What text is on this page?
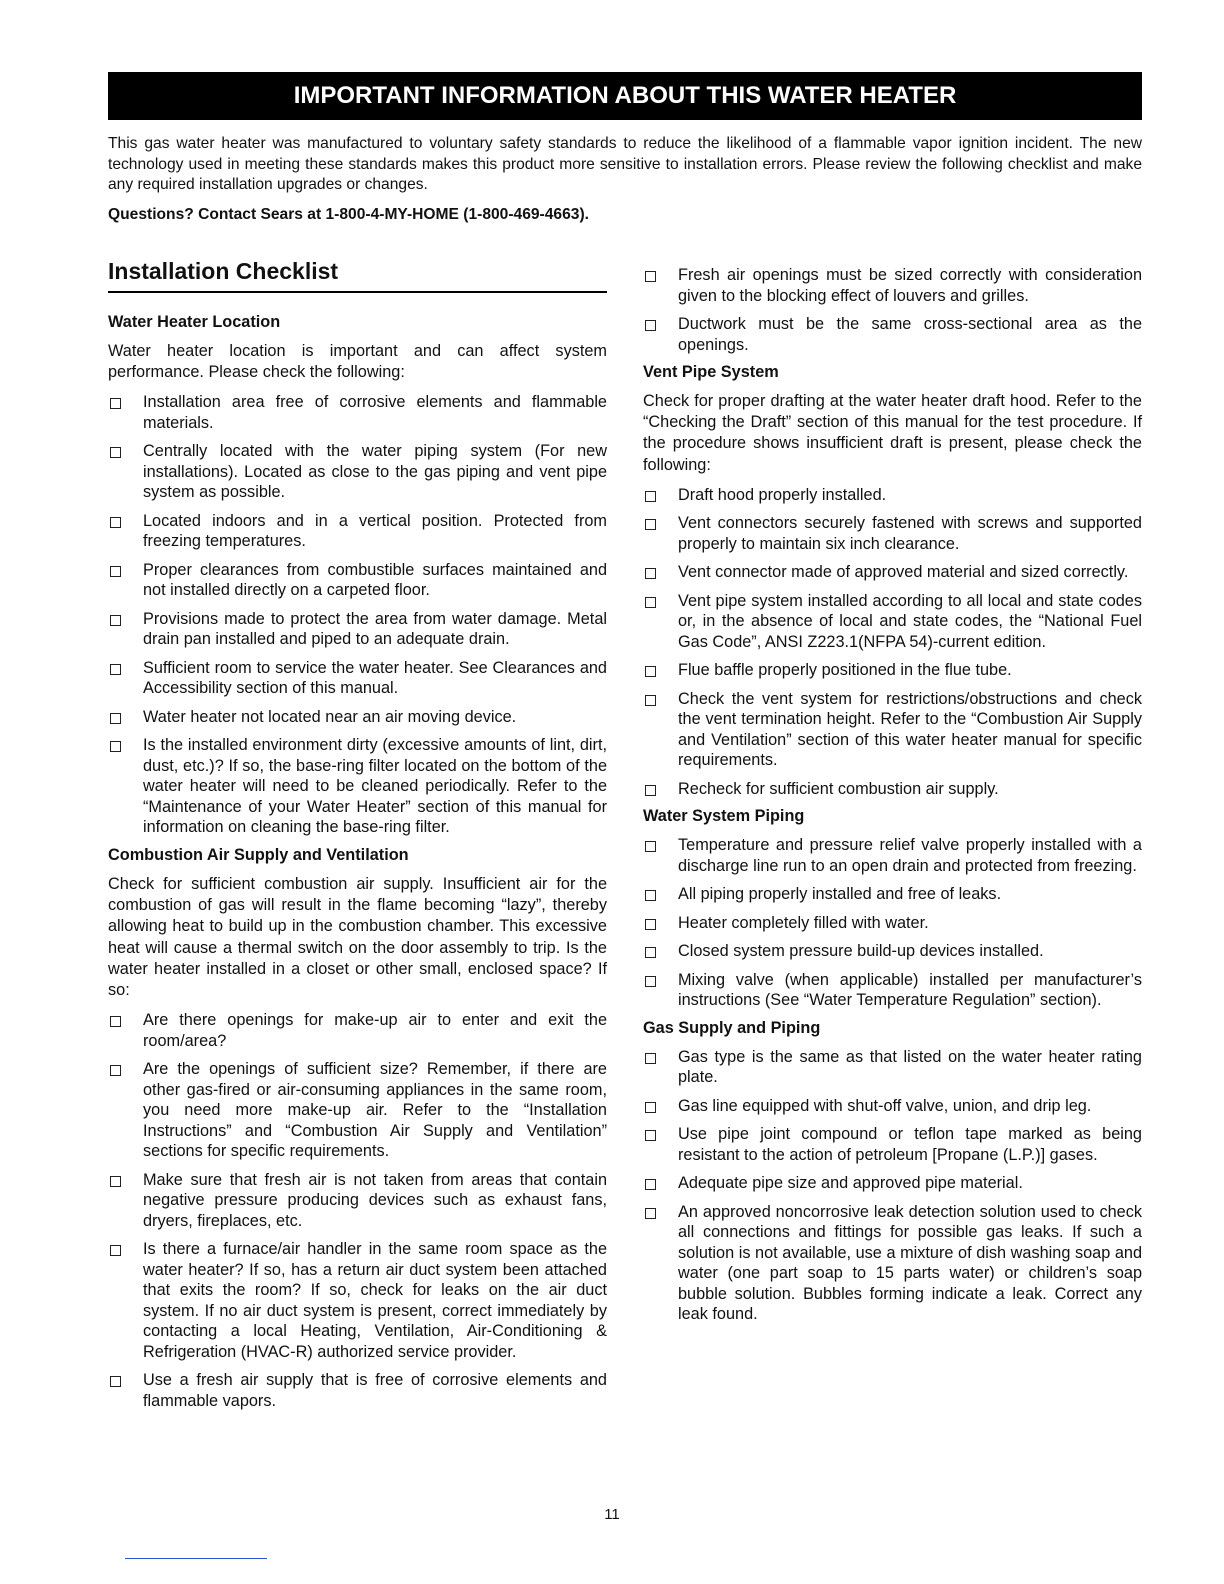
IMPORTANT INFORMATION ABOUT THIS WATER HEATER

This gas water heater was manufactured to voluntary safety standards to reduce the likelihood of a flammable vapor ignition incident. The new technology used in meeting these standards makes this product more sensitive to installation errors. Please review the following checklist and make any required installation upgrades or changes.

Questions? Contact Sears at 1-800-4-MY-HOME (1-800-469-4663).

Installation Checklist
Water Heater Location

Water heater location is important and can affect system performance. Please check the following:

Installation area free of corrosive elements and flammable materials.
Centrally located with the water piping system (For new installations). Located as close to the gas piping and vent pipe system as possible.
Located indoors and in a vertical position. Protected from freezing temperatures.
Proper clearances from combustible surfaces maintained and not installed directly on a carpeted floor.
Provisions made to protect the area from water damage. Metal drain pan installed and piped to an adequate drain.
Sufficient room to service the water heater. See Clearances and Accessibility section of this manual.
Water heater not located near an air moving device.
Is the installed environment dirty (excessive amounts of lint, dirt, dust, etc.)? If so, the base-ring filter located on the bottom of the water heater will need to be cleaned periodically. Refer to the “Maintenance of your Water Heater” section of this manual for information on cleaning the base-ring filter.
Combustion Air Supply and Ventilation

Check for sufficient combustion air supply. Insufficient air for the combustion of gas will result in the flame becoming “lazy”, thereby allowing heat to build up in the combustion chamber. This excessive heat will cause a thermal switch on the door assembly to trip. Is the water heater installed in a closet or other small, enclosed space? If so:

Are there openings for make-up air to enter and exit the room/area?
Are the openings of sufficient size? Remember, if there are other gas-fired or air-consuming appliances in the same room, you need more make-up air. Refer to the “Installation Instructions” and “Combustion Air Supply and Ventilation” sections for specific requirements.
Make sure that fresh air is not taken from areas that contain negative pressure producing devices such as exhaust fans, dryers, fireplaces, etc.
Is there a furnace/air handler in the same room space as the water heater? If so, has a return air duct system been attached that exits the room? If so, check for leaks on the air duct system. If no air duct system is present, correct immediately by contacting a local Heating, Ventilation, Air-Conditioning & Refrigeration (HVAC-R) authorized service provider.
Use a fresh air supply that is free of corrosive elements and flammable vapors.
Fresh air openings must be sized correctly with consideration given to the blocking effect of louvers and grilles.
Ductwork must be the same cross-sectional area as the openings.
Vent Pipe System

Check for proper drafting at the water heater draft hood. Refer to the “Checking the Draft” section of this manual for the test procedure. If the procedure shows insufficient draft is present, please check the following:

Draft hood properly installed.
Vent connectors securely fastened with screws and supported properly to maintain six inch clearance.
Vent connector made of approved material and sized correctly.
Vent pipe system installed according to all local and state codes or, in the absence of local and state codes, the “National Fuel Gas Code”, ANSI Z223.1(NFPA 54)-current edition.
Flue baffle properly positioned in the flue tube.
Check the vent system for restrictions/obstructions and check the vent termination height. Refer to the “Combustion Air Supply and Ventilation” section of this water heater manual for specific requirements.
Recheck for sufficient combustion air supply.
Water System Piping
Temperature and pressure relief valve properly installed with a discharge line run to an open drain and protected from freezing.
All piping properly installed and free of leaks.
Heater completely filled with water.
Closed system pressure build-up devices installed.
Mixing valve (when applicable) installed per manufacturer’s instructions (See “Water Temperature Regulation” section).
Gas Supply and Piping
Gas type is the same as that listed on the water heater rating plate.
Gas line equipped with shut-off valve, union, and drip leg.
Use pipe joint compound or teflon tape marked as being resistant to the action of petroleum [Propane (L.P.)] gases.
Adequate pipe size and approved pipe material.
An approved noncorrosive leak detection solution used to check all connections and fittings for possible gas leaks. If such a solution is not available, use a mixture of dish washing soap and water (one part soap to 15 parts water) or children’s soap bubble solution. Bubbles forming indicate a leak. Correct any leak found.
11
